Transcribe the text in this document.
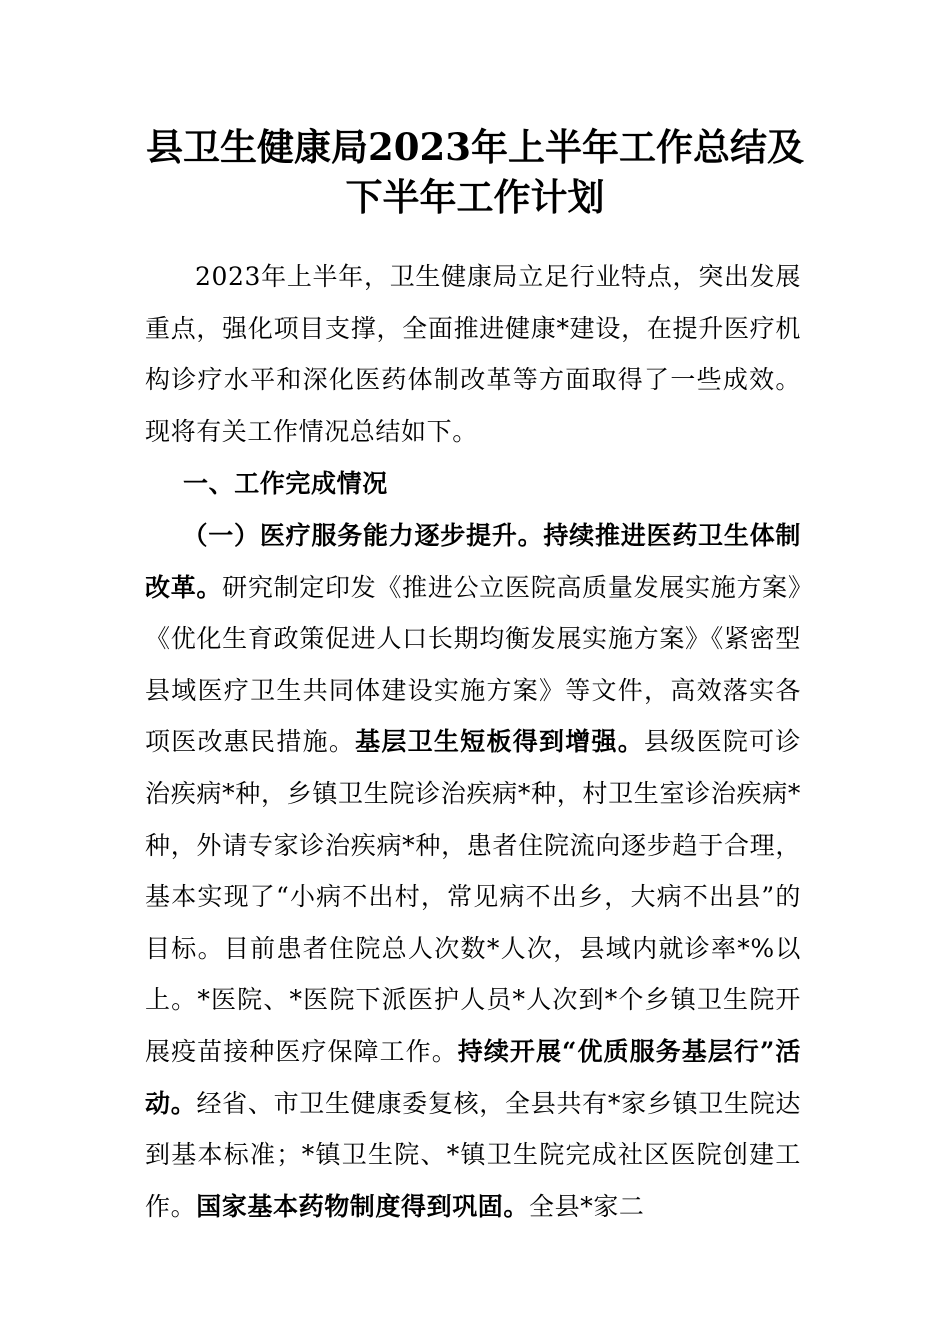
县卫生健康局2023年上半年工作总结及下半年工作计划

2023年上半年，卫生健康局立足行业特点，突出发展重点，强化项目支撑，全面推进健康*建设，在提升医疗机构诊疗水平和深化医药体制改革等方面取得了一些成效。现将有关工作情况总结如下。

一、工作完成情况

（一）医疗服务能力逐步提升。持续推进医药卫生体制改革。研究制定印发《推进公立医院高质量发展实施方案》《优化生育政策促进人口长期均衡发展实施方案》《紧密型县域医疗卫生共同体建设实施方案》等文件，高效落实各项医改惠民措施。基层卫生短板得到增强。县级医院可诊治疾病*种，乡镇卫生院诊治疾病*种，村卫生室诊治疾病*种，外请专家诊治疾病*种，患者住院流向逐步趋于合理，基本实现了“小病不出村，常见病不出乡，大病不出县”的目标。目前患者住院总人次数*人次，县域内就诊率*%以上。*医院、*医院下派医护人员*人次到*个乡镇卫生院开展疫苗接种医疗保障工作。持续开展“优质服务基层行”活动。经省、市卫生健康委复核，全县共有*家乡镇卫生院达到基本标准；*镇卫生院、*镇卫生院完成社区医院创建工作。国家基本药物制度得到巩固。全县*家二
